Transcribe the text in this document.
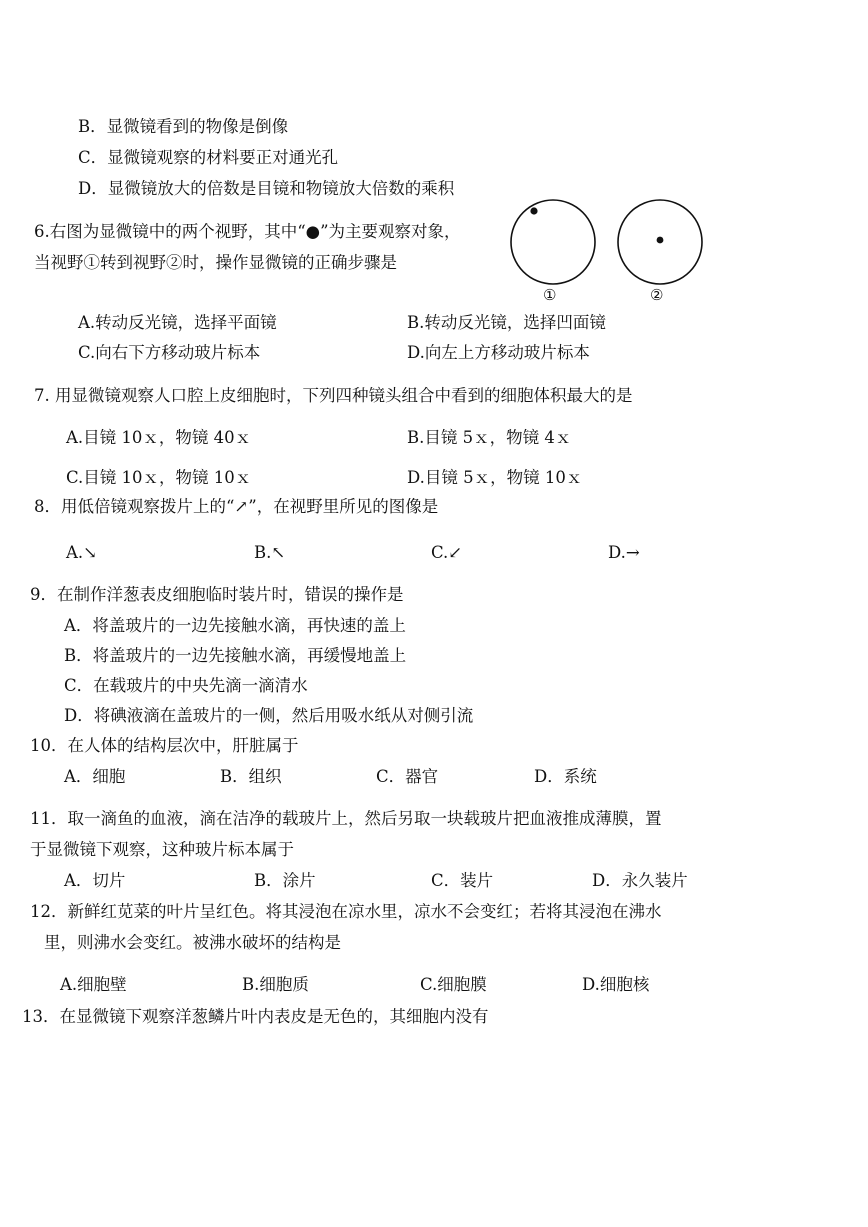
B．显微镜看到的物像是倒像
C．显微镜观察的材料要正对通光孔
D．显微镜放大的倍数是目镜和物镜放大倍数的乘积
6.右图为显微镜中的两个视野，其中“●”为主要观察对象，
当视野①转到视野②时，操作显微镜的正确步骤是
①	②
A.转动反光镜，选择平面镜	B.转动反光镜，选择凹面镜
C.向右下方移动玻片标本	D.向左上方移动玻片标本
7. 用显微镜观察人口腔上皮细胞时，下列四种镜头组合中看到的细胞体积最大的是
A.目镜 10ｘ，物镜 40ｘ	B.目镜 5ｘ，物镜 4ｘ
C.目镜 10ｘ，物镜 10ｘ	D.目镜 5ｘ，物镜 10ｘ
8．用低倍镜观察拨片上的“↗”，在视野里所见的图像是
A.↘	B.↖	C.↙	D.→
9．在制作洋葱表皮细胞临时装片时，错误的操作是
A．将盖玻片的一边先接触水滴，再快速的盖上
B．将盖玻片的一边先接触水滴，再缓慢地盖上
C．在载玻片的中央先滴一滴清水
D．将碘液滴在盖玻片的一侧，然后用吸水纸从对侧引流
10．在人体的结构层次中，肝脏属于
A．细胞	B．组织	C．器官	D．系统
11．取一滴鱼的血液，滴在洁净的载玻片上，然后另取一块载玻片把血液推成薄膜，置
于显微镜下观察，这种玻片标本属于
A．切片	B．涂片	C．装片	D．永久装片
12．新鲜红苋菜的叶片呈红色。将其浸泡在凉水里，凉水不会变红；若将其浸泡在沸水
里，则沸水会变红。被沸水破坏的结构是
A.细胞壁	B.细胞质	C.细胞膜	D.细胞核
13．在显微镜下观察洋葱鳞片叶内表皮是无色的，其细胞内没有
